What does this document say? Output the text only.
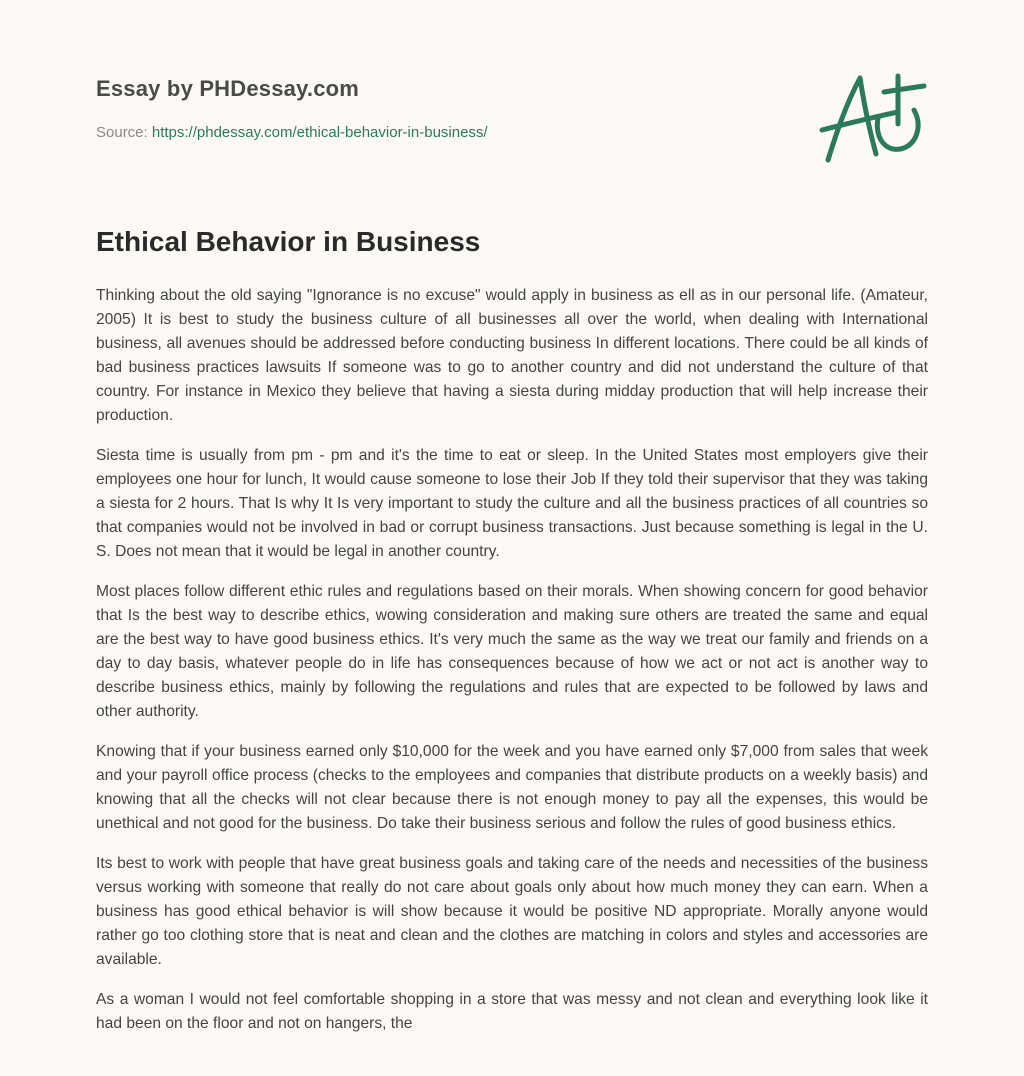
Essay by PHDessay.com
Source: https://phdessay.com/ethical-behavior-in-business/
Ethical Behavior in Business

Thinking about the old saying "Ignorance is no excuse" would apply in business as ell as in our personal life. (Amateur, 2005) It is best to study the business culture of all businesses all over the world, when dealing with International business, all avenues should be addressed before conducting business In different locations. There could be all kinds of bad business practices lawsuits If someone was to go to another country and did not understand the culture of that country. For instance in Mexico they believe that having a siesta during midday production that will help increase their production.

Siesta time is usually from pm - pm and it's the time to eat or sleep. In the United States most employers give their employees one hour for lunch, It would cause someone to lose their Job If they told their supervisor that they was taking a siesta for 2 hours. That Is why It Is very important to study the culture and all the business practices of all countries so that companies would not be involved in bad or corrupt business transactions. Just because something is legal in the U. S. Does not mean that it would be legal in another country.

Most places follow different ethic rules and regulations based on their morals. When showing concern for good behavior that Is the best way to describe ethics, wowing consideration and making sure others are treated the same and equal are the best way to have good business ethics. It's very much the same as the way we treat our family and friends on a day to day basis, whatever people do in life has consequences because of how we act or not act is another way to describe business ethics, mainly by following the regulations and rules that are expected to be followed by laws and other authority.

Knowing that if your business earned only $10,000 for the week and you have earned only $7,000 from sales that week and your payroll office process (checks to the employees and companies that distribute products on a weekly basis) and knowing that all the checks will not clear because there is not enough money to pay all the expenses, this would be unethical and not good for the business. Do take their business serious and follow the rules of good business ethics.

Its best to work with people that have great business goals and taking care of the needs and necessities of the business versus working with someone that really do not care about goals only about how much money they can earn. When a business has good ethical behavior is will show because it would be positive ND appropriate. Morally anyone would rather go too clothing store that is neat and clean and the clothes are matching in colors and styles and accessories are available.

As a woman I would not feel comfortable shopping in a store that was messy and not clean and everything look like it had been on the floor and not on hangers, the
